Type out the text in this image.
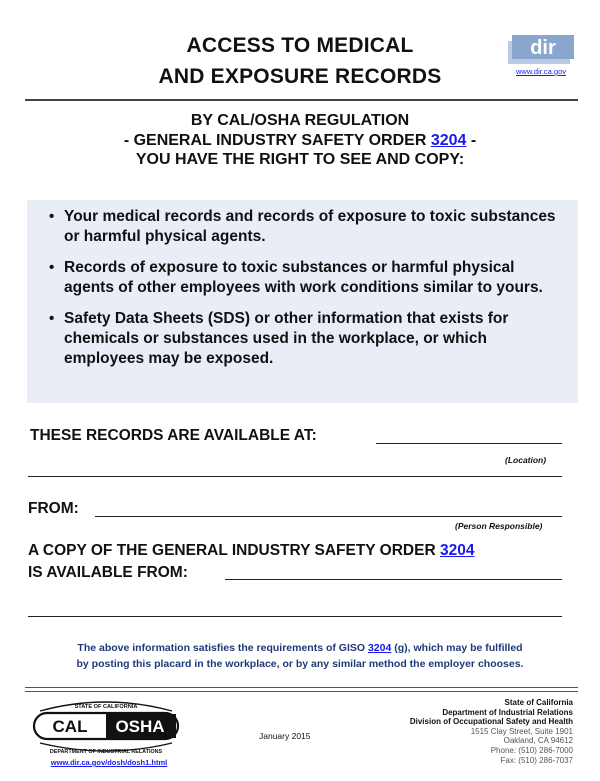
ACCESS TO MEDICAL
AND EXPOSURE RECORDS
dir
www.dir.ca.gov
BY CAL/OSHA REGULATION
- GENERAL INDUSTRY SAFETY ORDER 3204 -
YOU HAVE THE RIGHT TO SEE AND COPY:
• Your medical records and records of exposure to toxic substances or harmful physical agents.
• Records of exposure to toxic substances or harmful physical agents of other employees with work conditions similar to yours.
• Safety Data Sheets (SDS) or other information that exists for chemicals or substances used in the workplace, or which employees may be exposed.
THESE RECORDS ARE AVAILABLE AT:
(Location)
FROM:
(Person Responsible)
A COPY OF THE GENERAL INDUSTRY SAFETY ORDER 3204
IS AVAILABLE FROM:
The above information satisfies the requirements of GISO 3204 (g), which may be fulfilled
by posting this placard in the workplace, or by any similar method the employer chooses.
STATE OF CALIFORNIA
CAL OSHA
DEPARTMENT OF INDUSTRIAL RELATIONS
www.dir.ca.gov/dosh/dosh1.html
January 2015
State of California
Department of Industrial Relations
Division of Occupational Safety and Health
1515 Clay Street, Suite 1901
Oakland, CA 94612
Phone: (510) 286-7000
Fax: (510) 286-7037
